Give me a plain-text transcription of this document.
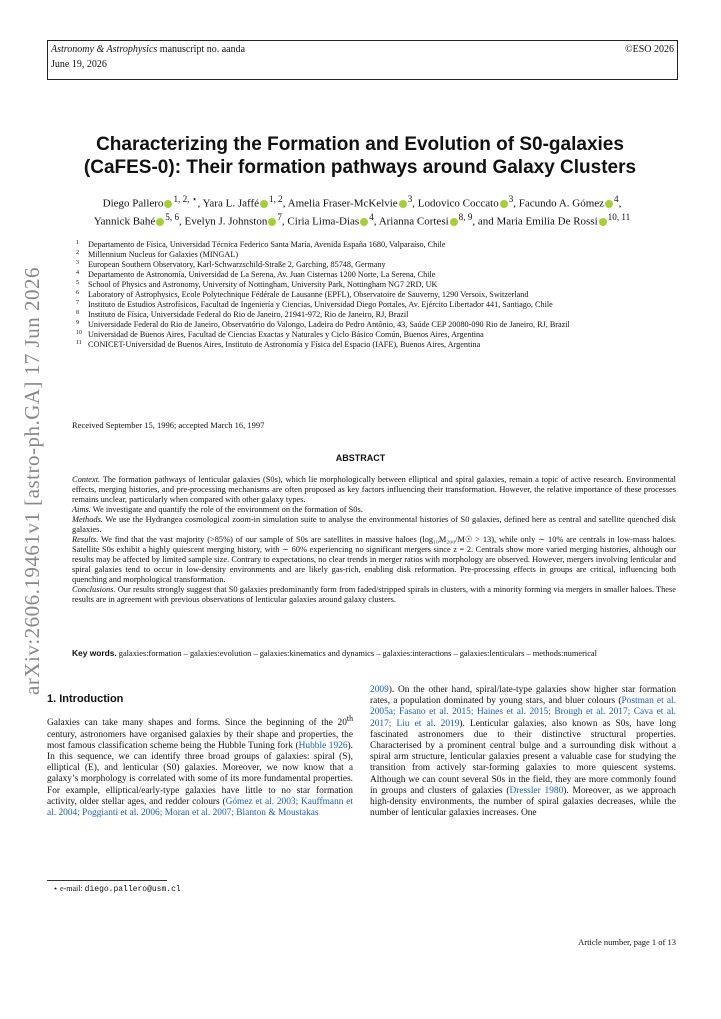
Astronomy & Astrophysics manuscript no. aanda
June 19, 2026
©ESO 2026
arXiv:2606.19461v1 [astro-ph.GA] 17 Jun 2026
Characterizing the Formation and Evolution of S0-galaxies
(CaFES-0): Their formation pathways around Galaxy Clusters
Diego Pallero $^{1, 2, ⋆}$, Yara L. Jaffé $^{1, 2}$, Amelia Fraser-McKelvie $^3$, Lodovico Coccato $^3$, Facundo A. Gómez $^4$,
Yannick Bahé $^{5, 6}$, Evelyn J. Johnston $^7$, Ciria Lima-Dias $^4$, Arianna Cortesi $^{8, 9}$, and Maria Emilia De Rossi $^{10, 11}$
1 Departamento de Física, Universidad Técnica Federico Santa María, Avenida España 1680, Valparaíso, Chile
2 Millennium Nucleus for Galaxies (MINGAL)
3 European Southern Observatory, Karl-Schwarzschild-Straße 2, Garching, 85748, Germany
4 Departamento de Astronomía, Universidad de La Serena, Av. Juan Cisternas 1200 Norte, La Serena, Chile
5 School of Physics and Astronomy, University of Nottingham, University Park, Nottingham NG7 2RD, UK
6 Laboratory of Astrophysics, Ecole Polytechnique Fédérale de Lausanne (EPFL), Observatoire de Sauverny, 1290 Versoix, Switzerland
7 Instituto de Estudios Astrofísicos, Facultad de Ingeniería y Ciencias, Universidad Diego Portales, Av. Ejército Libertador 441, Santiago, Chile
8 Instituto de Física, Universidade Federal do Rio de Janeiro, 21941-972, Rio de Janeiro, RJ, Brazil
9 Universidade Federal do Rio de Janeiro, Observatório do Valongo, Ladeira do Pedro Antônio, 43, Saúde CEP 20080-090 Rio de Janeiro, RJ, Brazil
10 Universidad de Buenos Aires, Facultad de Ciencias Exactas y Naturales y Ciclo Básico Común, Buenos Aires, Argentina
11 CONICET-Universidad de Buenos Aires, Instituto de Astronomía y Física del Espacio (IAFE), Buenos Aires, Argentina
Received September 15, 1996; accepted March 16, 1997
ABSTRACT

Context. The formation pathways of lenticular galaxies (S0s), which lie morphologically between elliptical and spiral galaxies, remain a topic of active research. Environmental effects, merging histories, and pre-processing mechanisms are often proposed as key factors influencing their transformation. However, the relative importance of these processes remains unclear, particularly when compared with other galaxy types.

Aims. We investigate and quantify the role of the environment on the formation of S0s.

Methods. We use the Hydrangea cosmological zoom-in simulation suite to analyse the environmental histories of S0 galaxies, defined here as central and satellite quenched disk galaxies.

Results. We find that the vast majority (>85%) of our sample of S0s are satellites in massive haloes (log₁₀M₂₀₀/M☉ > 13), while only ∼ 10% are centrals in low-mass haloes. Satellite S0s exhibit a highly quiescent merging history, with ∼ 60% experiencing no significant mergers since z = 2. Centrals show more varied merging histories, although our results may be affected by limited sample size. Contrary to expectations, no clear trends in merger ratios with morphology are observed. However, mergers involving lenticular and spiral galaxies tend to occur in low-density environments and are likely gas-rich, enabling disk reformation. Pre-processing effects in groups are critical, influencing both quenching and morphological transformation.

Conclusions. Our results strongly suggest that S0 galaxies predominantly form from faded/stripped spirals in clusters, with a minority forming via mergers in smaller haloes. These results are in agreement with previous observations of lenticular galaxies around galaxy clusters.

Key words. galaxies:formation – galaxies:evolution – galaxies:kinematics and dynamics – galaxies:interactions – galaxies:lenticulars – methods:numerical
1. Introduction
Galaxies can take many shapes and forms. Since the beginning of the 20th century, astronomers have organised galaxies by their shape and properties, the most famous classification scheme being the Hubble Tuning fork (Hubble 1926). In this sequence, we can identify three broad groups of galaxies: spiral (S), elliptical (E), and lenticular (S0) galaxies. Moreover, we now know that a galaxy’s morphology is correlated with some of its more fundamental properties. For example, elliptical/early-type galaxies have little to no star formation activity, older stellar ages, and redder colours (Gómez et al. 2003; Kauffmann et al. 2004; Poggianti et al. 2006; Moran et al. 2007; Blanton & Moustakas
2009). On the other hand, spiral/late-type galaxies show higher star formation rates, a population dominated by young stars, and bluer colours (Postman et al. 2005a; Fasano et al. 2015; Haines et al. 2015; Brough et al. 2017; Cava et al. 2017; Liu et al. 2019). Lenticular galaxies, also known as S0s, have long fascinated astronomers due to their distinctive structural properties. Characterised by a prominent central bulge and a surrounding disk without a spiral arm structure, lenticular galaxies present a valuable case for studying the transition from actively star-forming galaxies to more quiescent systems. Although we can count several S0s in the field, they are more commonly found in groups and clusters of galaxies (Dressler 1980). Moreover, as we approach high-density environments, the number of spiral galaxies decreases, while the number of lenticular galaxies increases. One
⋆ e-mail: diego.pallero@usm.cl
Article number, page 1 of 13
